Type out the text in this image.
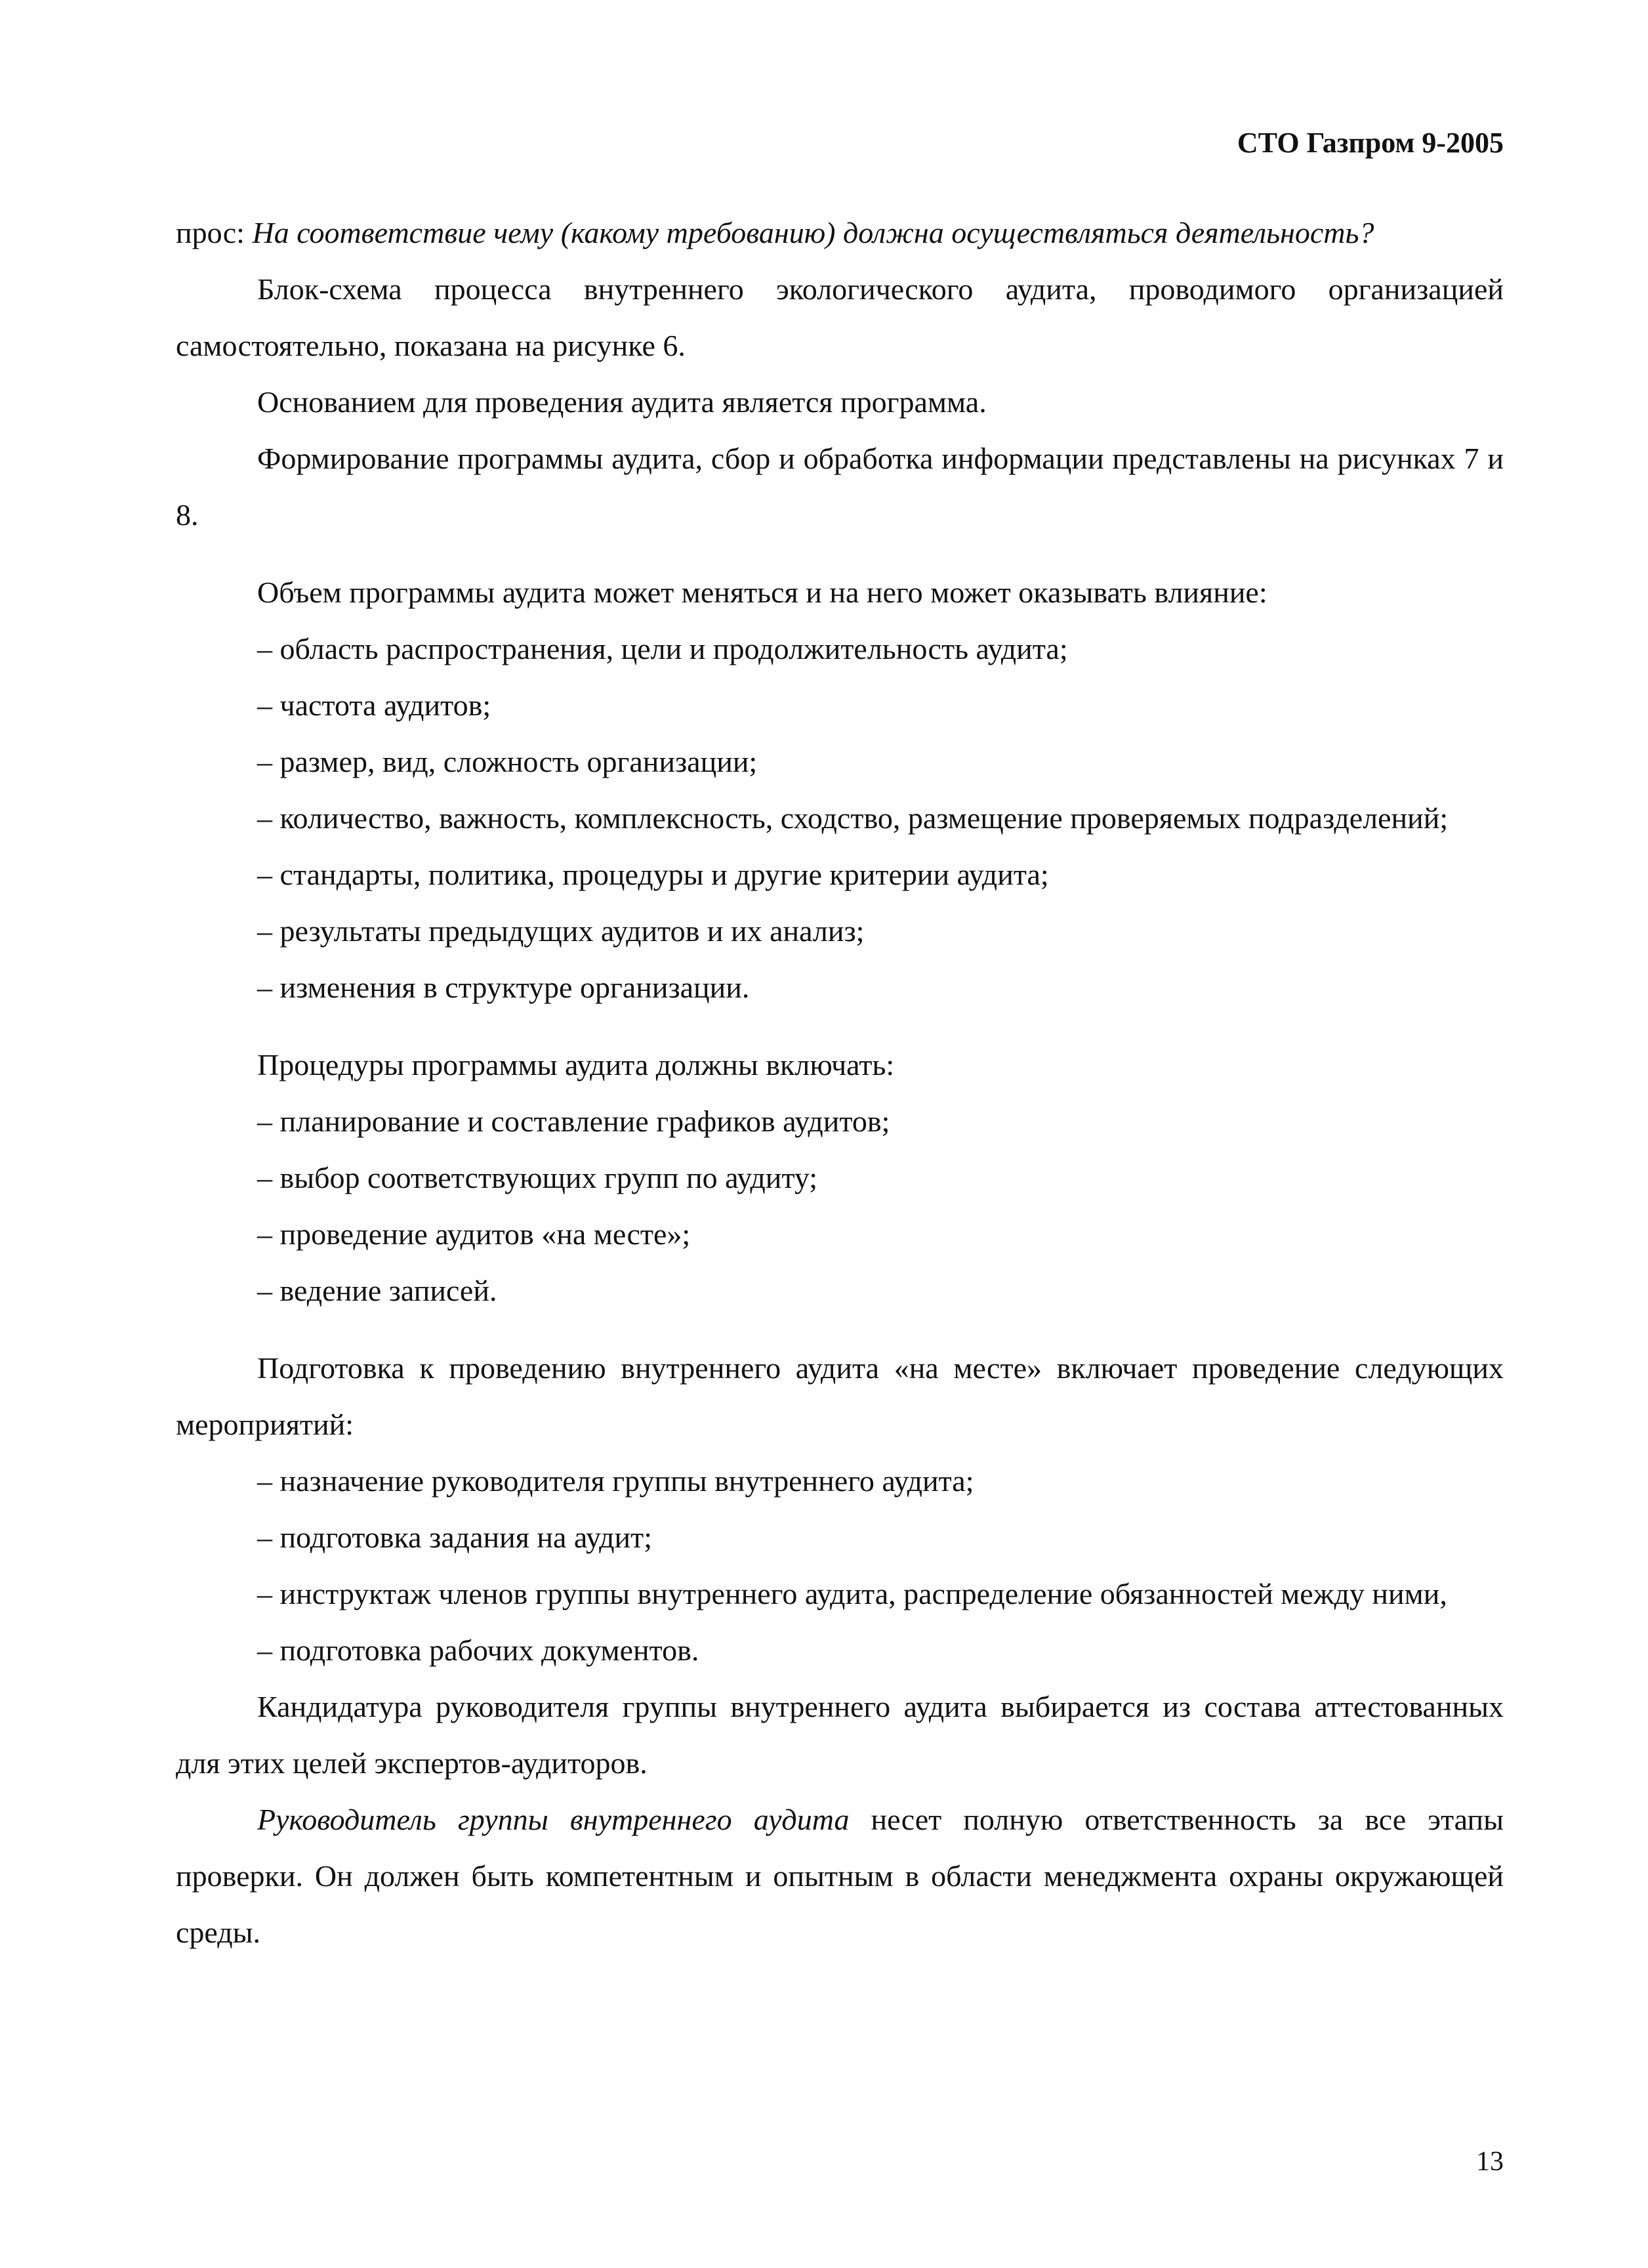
СТО Газпром 9-2005

прос: На соответствие чему (какому требованию) должна осуществляться деятельность?

Блок-схема процесса внутреннего экологического аудита, проводимого организацией самостоятельно, показана на рисунке 6.

Основанием для проведения аудита является программа.

Формирование программы аудита, сбор и обработка информации представлены на рисунках 7 и 8.

Объем программы аудита может меняться и на него может оказывать влияние:

– область распространения, цели и продолжительность аудита;

– частота аудитов;

– размер, вид, сложность организации;

– количество, важность, комплексность, сходство, размещение проверяемых подразделений;

– стандарты, политика, процедуры и другие критерии аудита;

– результаты предыдущих аудитов и их анализ;

– изменения в структуре организации.

Процедуры программы аудита должны включать:

– планирование и составление графиков аудитов;

– выбор соответствующих групп по аудиту;

– проведение аудитов «на месте»;

– ведение записей.

Подготовка к проведению внутреннего аудита «на месте» включает проведение следующих мероприятий:

– назначение руководителя группы внутреннего аудита;

– подготовка задания на аудит;

– инструктаж членов группы внутреннего аудита, распределение обязанностей между ними,

– подготовка рабочих документов.

Кандидатура руководителя группы внутреннего аудита выбирается из состава аттестованных для этих целей экспертов-аудиторов.

Руководитель группы внутреннего аудита несет полную ответственность за все этапы проверки. Он должен быть компетентным и опытным в области менеджмента охраны окружающей среды.

13
